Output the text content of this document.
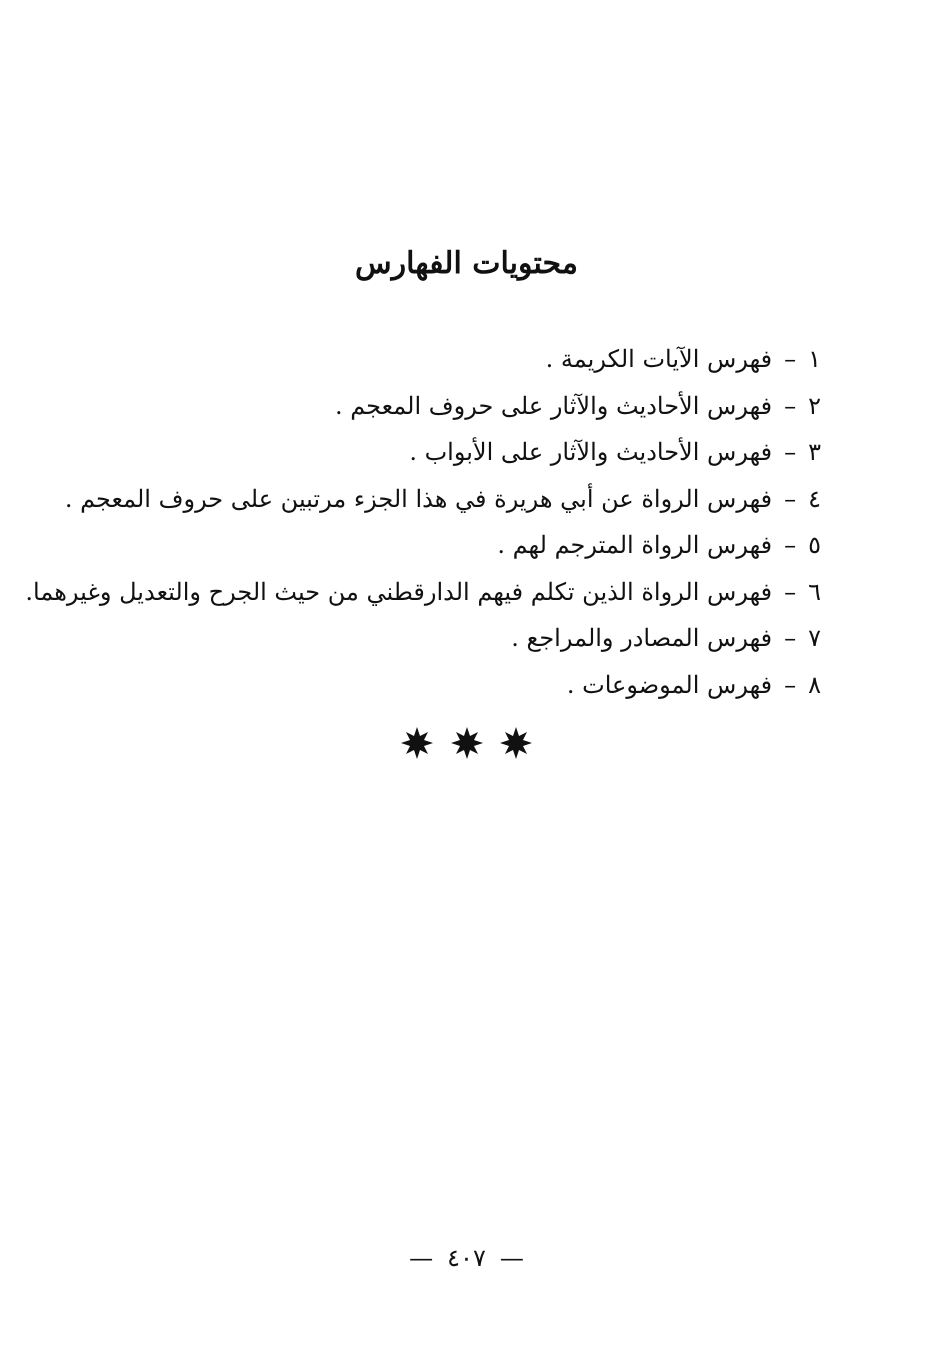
محتويات الفهارس
١–فهرس الآيات الكريمة .
٢–فهرس الأحاديث والآثار على حروف المعجم .
٣–فهرس الأحاديث والآثار على الأبواب .
٤–فهرس الرواة عن أبي هريرة في هذا الجزء مرتبين على حروف المعجم .
٥–فهرس الرواة المترجم لهم .
٦–فهرس الرواة الذين تكلم فيهم الدارقطني من حيث الجرح والتعديل وغيرهما.
٧–فهرس المصادر والمراجع .
٨–فهرس الموضوعات .

—٤٠٧—
